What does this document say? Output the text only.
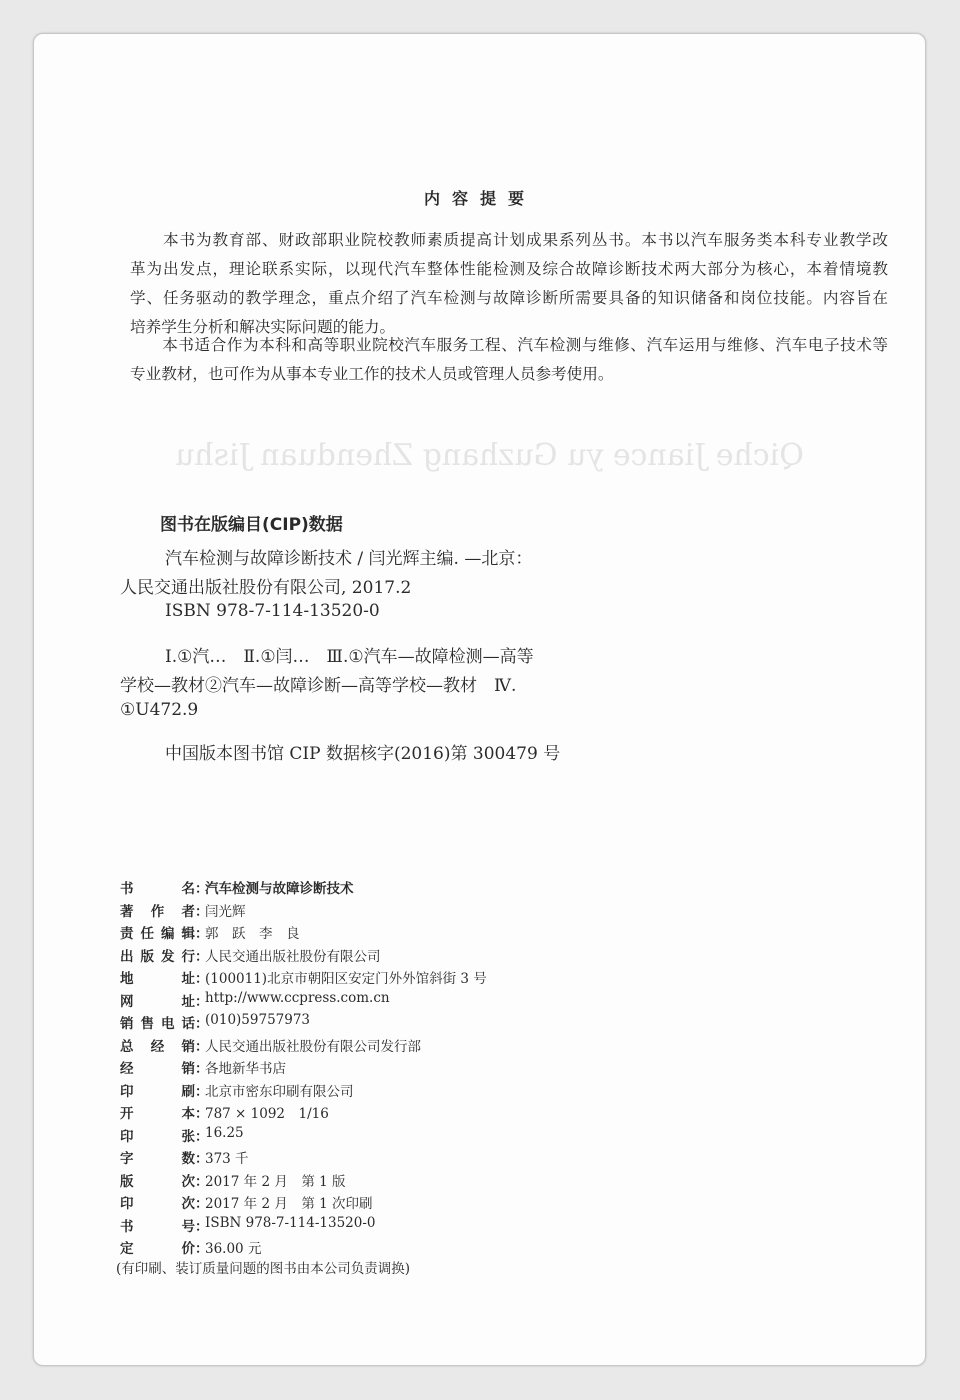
Qiche Jiance yu Guzhang Zhenduan Jishu
内容提要
　　本书为教育部、财政部职业院校教师素质提高计划成果系列丛书。本书以汽车服务类本科专业教学改
革为出发点，理论联系实际，以现代汽车整体性能检测及综合故障诊断技术两大部分为核心，本着情境教
学、任务驱动的教学理念，重点介绍了汽车检测与故障诊断所需要具备的知识储备和岗位技能。内容旨在
培养学生分析和解决实际问题的能力。
　　本书适合作为本科和高等职业院校汽车服务工程、汽车检测与维修、汽车运用与维修、汽车电子技术等
专业教材，也可作为从事本专业工作的技术人员或管理人员参考使用。
图书在版编目(CIP)数据
汽车检测与故障诊断技术 / 闫光辉主编. —北京：
人民交通出版社股份有限公司, 2017.2
ISBN 978-7-114-13520-0
Ⅰ.①汽…　Ⅱ.①闫…　Ⅲ.①汽车—故障检测—高等
学校—教材②汽车—故障诊断—高等学校—教材　Ⅳ.
①U472.9
中国版本图书馆 CIP 数据核字(2016)第 300479 号
书	名 ：
汽车检测与故障诊断技术
著 作 者 ：
闫光辉
责 任 编 辑 ：
郭　跃　李　良
出 版 发 行 ：
人民交通出版社股份有限公司
地	址 ：
(100011)北京市朝阳区安定门外外馆斜街 3 号
网	址 ：
http://www.ccpress.com.cn
销 售 电 话 ：
(010)59757973
总 经 销 ：
人民交通出版社股份有限公司发行部
经	销 ：
各地新华书店
印	刷 ：
北京市密东印刷有限公司
开	本 ：
787 × 1092　1/16
印	张 ：
16.25
字	数 ：
373 千
版	次 ：
2017 年 2 月　第 1 版
印	次 ：
2017 年 2 月　第 1 次印刷
书	号 ：
ISBN 978-7-114-13520-0
定	价 ：
36.00 元
(有印刷、装订质量问题的图书由本公司负责调换)
